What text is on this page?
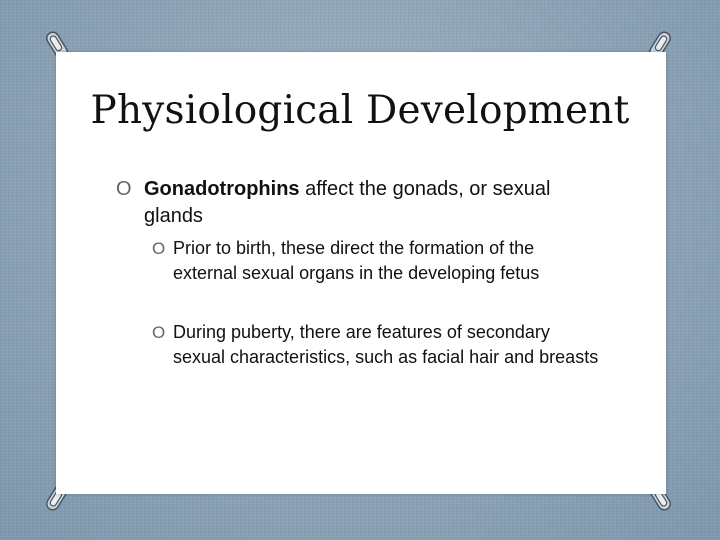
Physiological Development
O Gonadotrophins affect the gonads, or sexual glands
O Prior to birth, these direct the formation of the external sexual organs in the developing fetus
O During puberty, there are features of secondary sexual characteristics, such as facial hair and breasts
